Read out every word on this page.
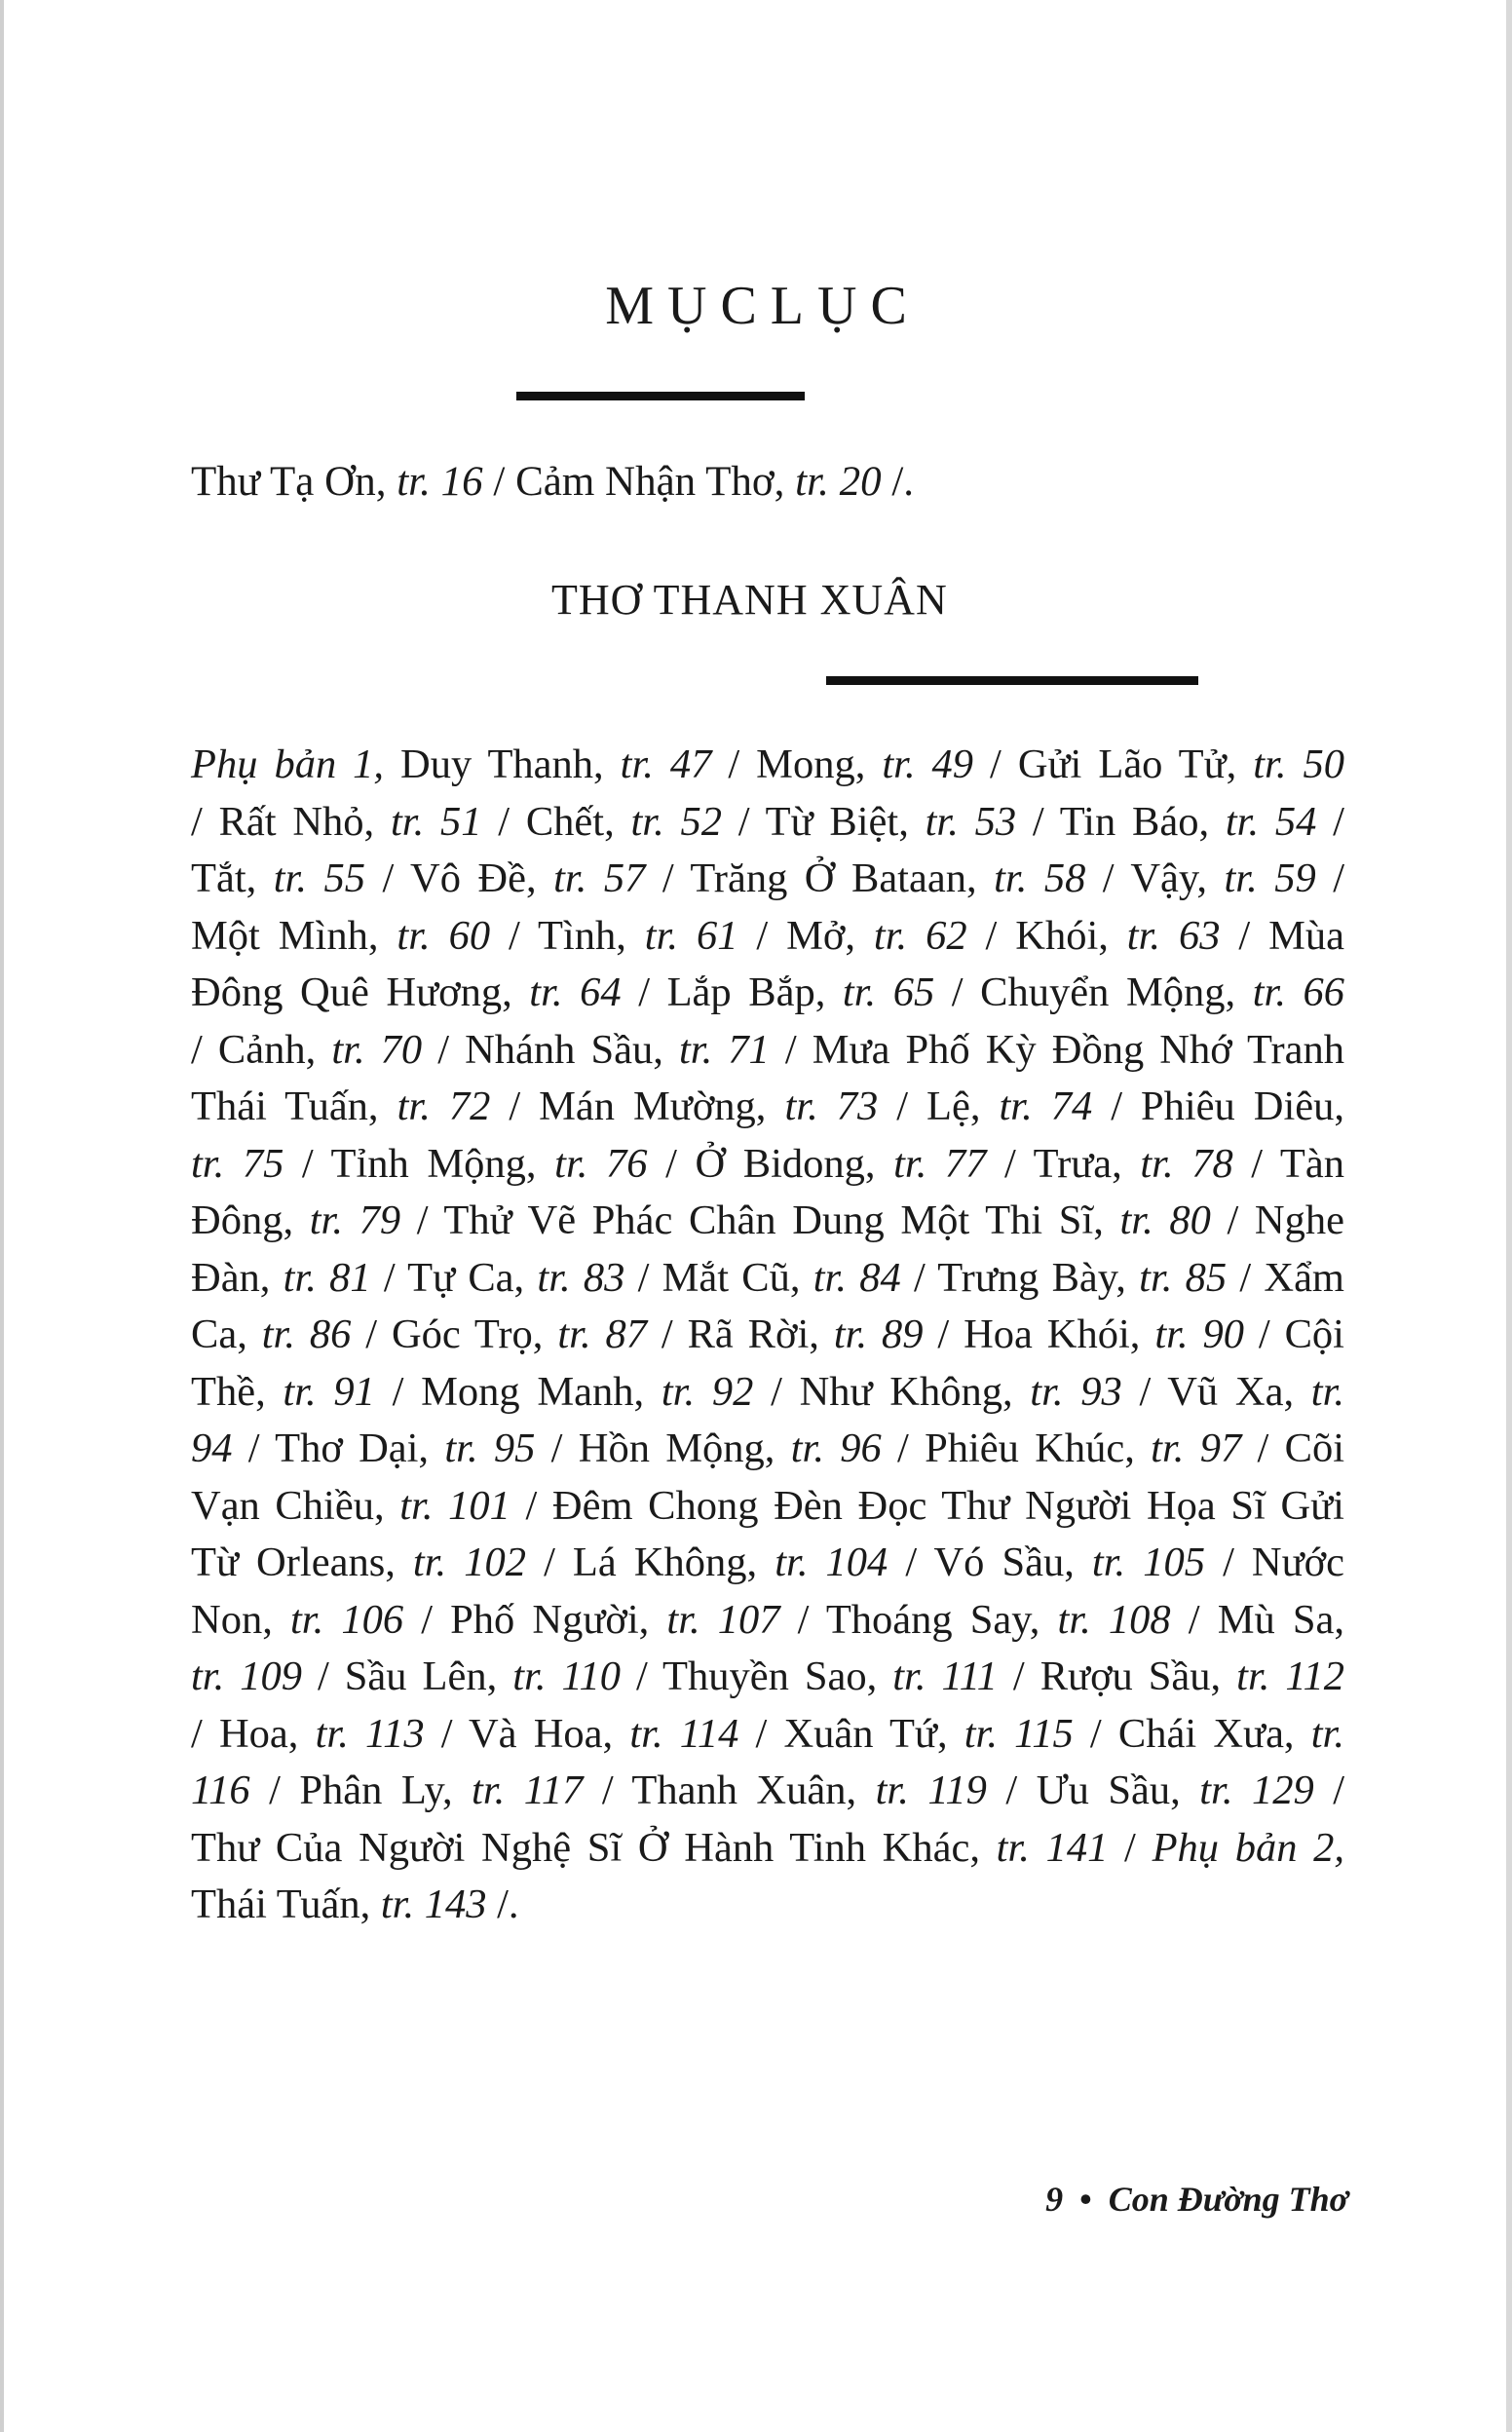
MỤCLỤC
Thư Tạ Ơn, tr. 16 / Cảm Nhận Thơ, tr. 20 /.
THƠ THANH XUÂN
Phụ bản 1, Duy Thanh, tr. 47 / Mong, tr. 49 / Gửi Lão Tử, tr. 50
/ Rất Nhỏ, tr. 51 / Chết, tr. 52 / Từ Biệt, tr. 53 / Tin Báo, tr. 54 /
Tắt, tr. 55 / Vô Đề, tr. 57 / Trăng Ở Bataan, tr. 58 / Vậy, tr. 59 /
Một Mình, tr. 60 / Tình, tr. 61 / Mở, tr. 62 / Khói, tr. 63 / Mùa
Đông Quê Hương, tr. 64 / Lắp Bắp, tr. 65 / Chuyển Mộng, tr. 66
/ Cảnh, tr. 70 / Nhánh Sầu, tr. 71 / Mưa Phố Kỳ Đồng Nhớ Tranh
Thái Tuấn, tr. 72 / Mán Mường, tr. 73 / Lệ, tr. 74 / Phiêu Diêu,
tr. 75 / Tỉnh Mộng, tr. 76 / Ở Bidong, tr. 77 / Trưa, tr. 78 / Tàn
Đông, tr. 79 / Thử Vẽ Phác Chân Dung Một Thi Sĩ, tr. 80 / Nghe
Đàn, tr. 81 / Tự Ca, tr. 83 / Mắt Cũ, tr. 84 / Trưng Bày, tr. 85 / Xẩm
Ca, tr. 86 / Góc Trọ, tr. 87 / Rã Rời, tr. 89 / Hoa Khói, tr. 90 / Cội
Thề, tr. 91 / Mong Manh, tr. 92 / Như Không, tr. 93 / Vũ Xa, tr.
94 / Thơ Dại, tr. 95 / Hồn Mộng, tr. 96 / Phiêu Khúc, tr. 97 / Cõi
Vạn Chiều, tr. 101 / Đêm Chong Đèn Đọc Thư Người Họa Sĩ Gửi
Từ Orleans, tr. 102 / Lá Không, tr. 104 / Vó Sầu, tr. 105 / Nước
Non, tr. 106 / Phố Người, tr. 107 / Thoáng Say, tr. 108 / Mù Sa,
tr. 109 / Sầu Lên, tr. 110 / Thuyền Sao, tr. 111 / Rượu Sầu, tr. 112
/ Hoa, tr. 113 / Và Hoa, tr. 114 / Xuân Tứ, tr. 115 / Chái Xưa, tr.
116 / Phân Ly, tr. 117 / Thanh Xuân, tr. 119 / Ưu Sầu, tr. 129 /
Thư Của Người Nghệ Sĩ Ở Hành Tinh Khác, tr. 141 / Phụ bản 2,
Thái Tuấn, tr. 143 /.
9 • Con Đường Thơ
